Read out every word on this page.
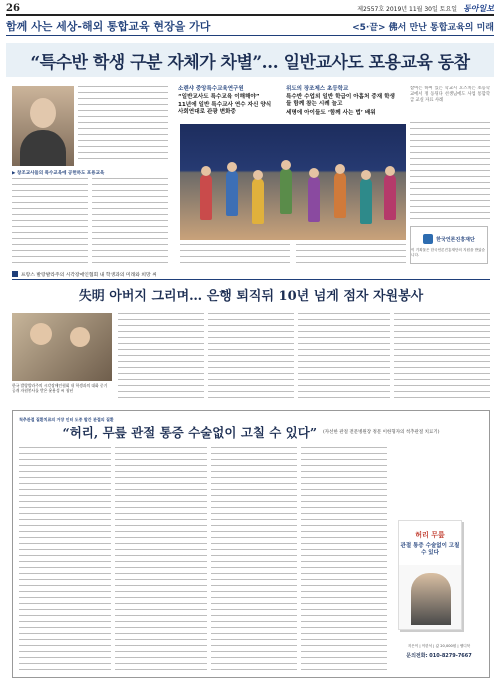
26	제2557호 2019년 11월 30일 토요일 동아일보
함께 사는 세상-해외 통합교육 현장을 가다	<5·끝> 佛서 만난 통합교육의 미래
“특수반 학생 구분 자체가 차별”… 일반교사도 포용교육 동참
▶ 창조교사들의 특수교육에 공헌하도 포용교육
소렌샤 중앙특수교육연구원
“일반교사도 특수교육 이해해야”
11년에 일반 특수교사 연수 자신 양식 사회연대로 관광 변화중
위도의 장조제스 초등학교
특수반 수업외 일반 학급이 아홉처 중재 학생들 함께 참는 시례 늘고
세명에 아이들도 ‘함께 사는 법’ 배워
참여는 하여 있는 학교시 요즈치는 초등학교에서 정 동뒤다 선생님에도 사업 통합학급 교실 자료 사례
한국언론진흥재단
이 기획물은 한국언론진흥재단의 지원을 받았습니다.
프랑스 발랑발라주의 시각장애인협회 내 학생과의 미래와 희망 씨
失明 아버지 그리며… 은행 퇴직뒤 10년 넘게 점자 자원봉사
한국 발랑발라주의 시각장애인협회 내 학생과의 대화 중기 공개 자원봉사를 받은 윤용성 씨 청년
척추관절 질환치료의 거장 인터 도중 발간 관절의 질환
“허리, 무릎 관절 통증 수술없이 고칠 수 있다” (자선한 관절 전문병원장 정문 이한형자의 척추관절 치료기)
허리 무릎
관절 통증 수술없이 고칠 수 있다
지은이 | 이한석 | 값 20,000원 | 엠디북
문의전화: 010-8279-7667
